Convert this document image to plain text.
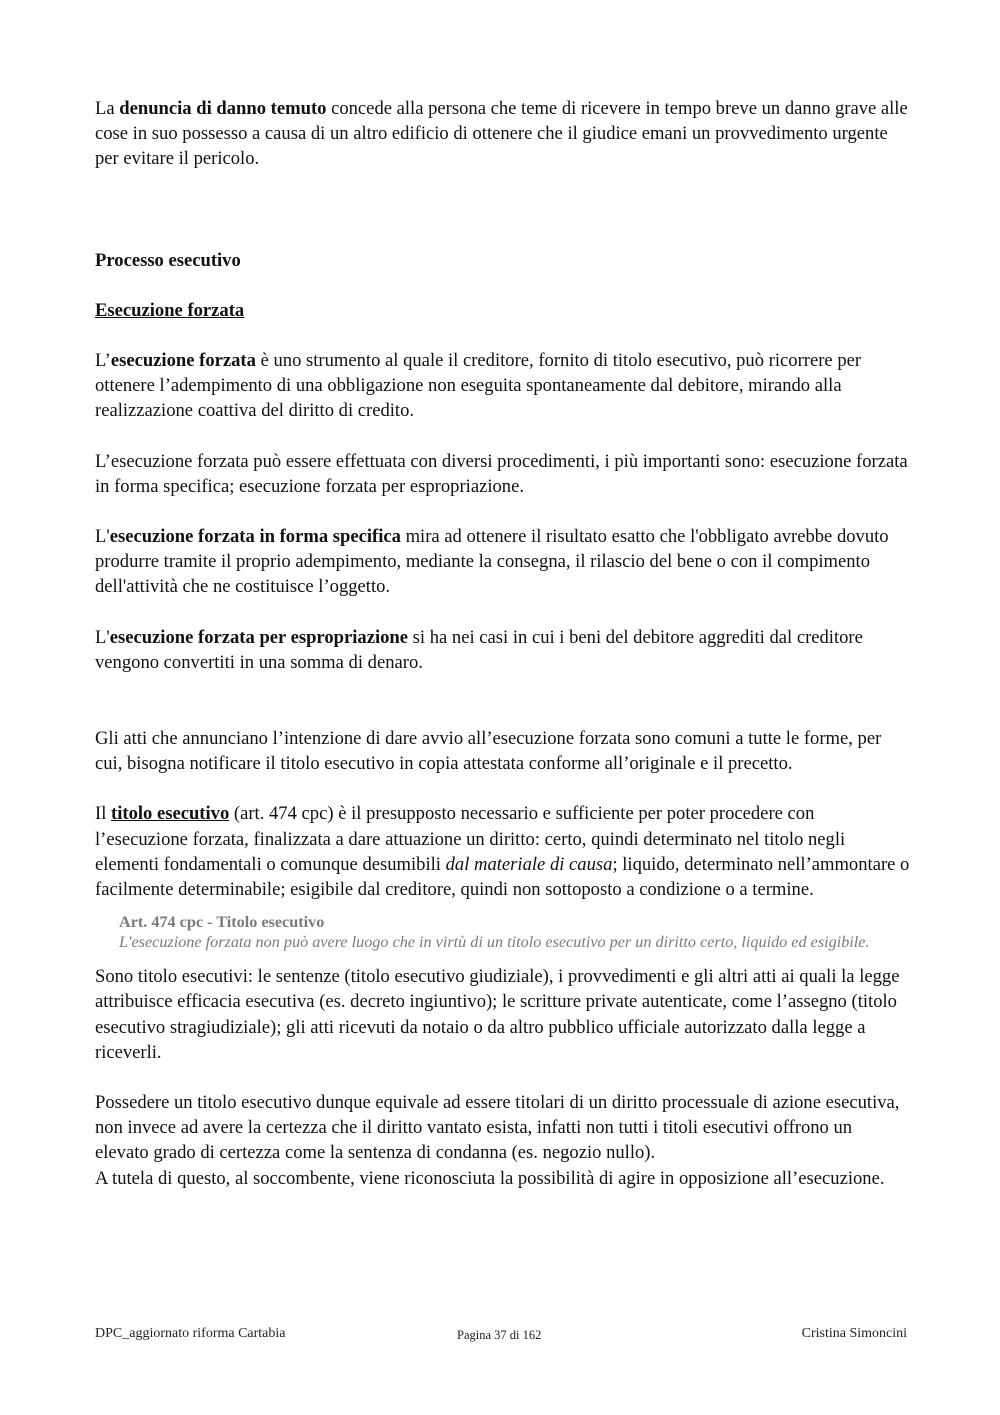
La denuncia di danno temuto concede alla persona che teme di ricevere in tempo breve un danno grave alle cose in suo possesso a causa di un altro edificio di ottenere che il giudice emani un provvedimento urgente per evitare il pericolo.

Processo esecutivo

Esecuzione forzata

L’esecuzione forzata è uno strumento al quale il creditore, fornito di titolo esecutivo, può ricorrere per ottenere l’adempimento di una obbligazione non eseguita spontaneamente dal debitore, mirando alla realizzazione coattiva del diritto di credito.

L’esecuzione forzata può essere effettuata con diversi procedimenti, i più importanti sono: esecuzione forzata in forma specifica; esecuzione forzata per espropriazione.

L'esecuzione forzata in forma specifica mira ad ottenere il risultato esatto che l'obbligato avrebbe dovuto produrre tramite il proprio adempimento, mediante la consegna, il rilascio del bene o con il compimento dell'attività che ne costituisce l’oggetto.

L'esecuzione forzata per espropriazione si ha nei casi in cui i beni del debitore aggrediti dal creditore vengono convertiti in una somma di denaro.

Gli atti che annunciano l’intenzione di dare avvio all’esecuzione forzata sono comuni a tutte le forme, per cui, bisogna notificare il titolo esecutivo in copia attestata conforme all’originale e il precetto.

Il titolo esecutivo (art. 474 cpc) è il presupposto necessario e sufficiente per poter procedere con l’esecuzione forzata, finalizzata a dare attuazione un diritto: certo, quindi determinato nel titolo negli elementi fondamentali o comunque desumibili dal materiale di causa; liquido, determinato nell’ammontare o facilmente determinabile; esigibile dal creditore, quindi non sottoposto a condizione o a termine.

Art. 474 cpc - Titolo esecutivo
L'esecuzione forzata non può avere luogo che in virtù di un titolo esecutivo per un diritto certo, liquido ed esigibile.

Sono titolo esecutivi: le sentenze (titolo esecutivo giudiziale), i provvedimenti e gli altri atti ai quali la legge attribuisce efficacia esecutiva (es. decreto ingiuntivo); le scritture private autenticate, come l’assegno (titolo esecutivo stragiudiziale); gli atti ricevuti da notaio o da altro pubblico ufficiale autorizzato dalla legge a riceverli.

Possedere un titolo esecutivo dunque equivale ad essere titolari di un diritto processuale di azione esecutiva, non invece ad avere la certezza che il diritto vantato esista, infatti non tutti i titoli esecutivi offrono un elevato grado di certezza come la sentenza di condanna (es. negozio nullo).

A tutela di questo, al soccombente, viene riconosciuta la possibilità di agire in opposizione all’esecuzione.

DPC_aggiornato riforma Cartabia	Pagina 37 di 162	Cristina Simoncini
